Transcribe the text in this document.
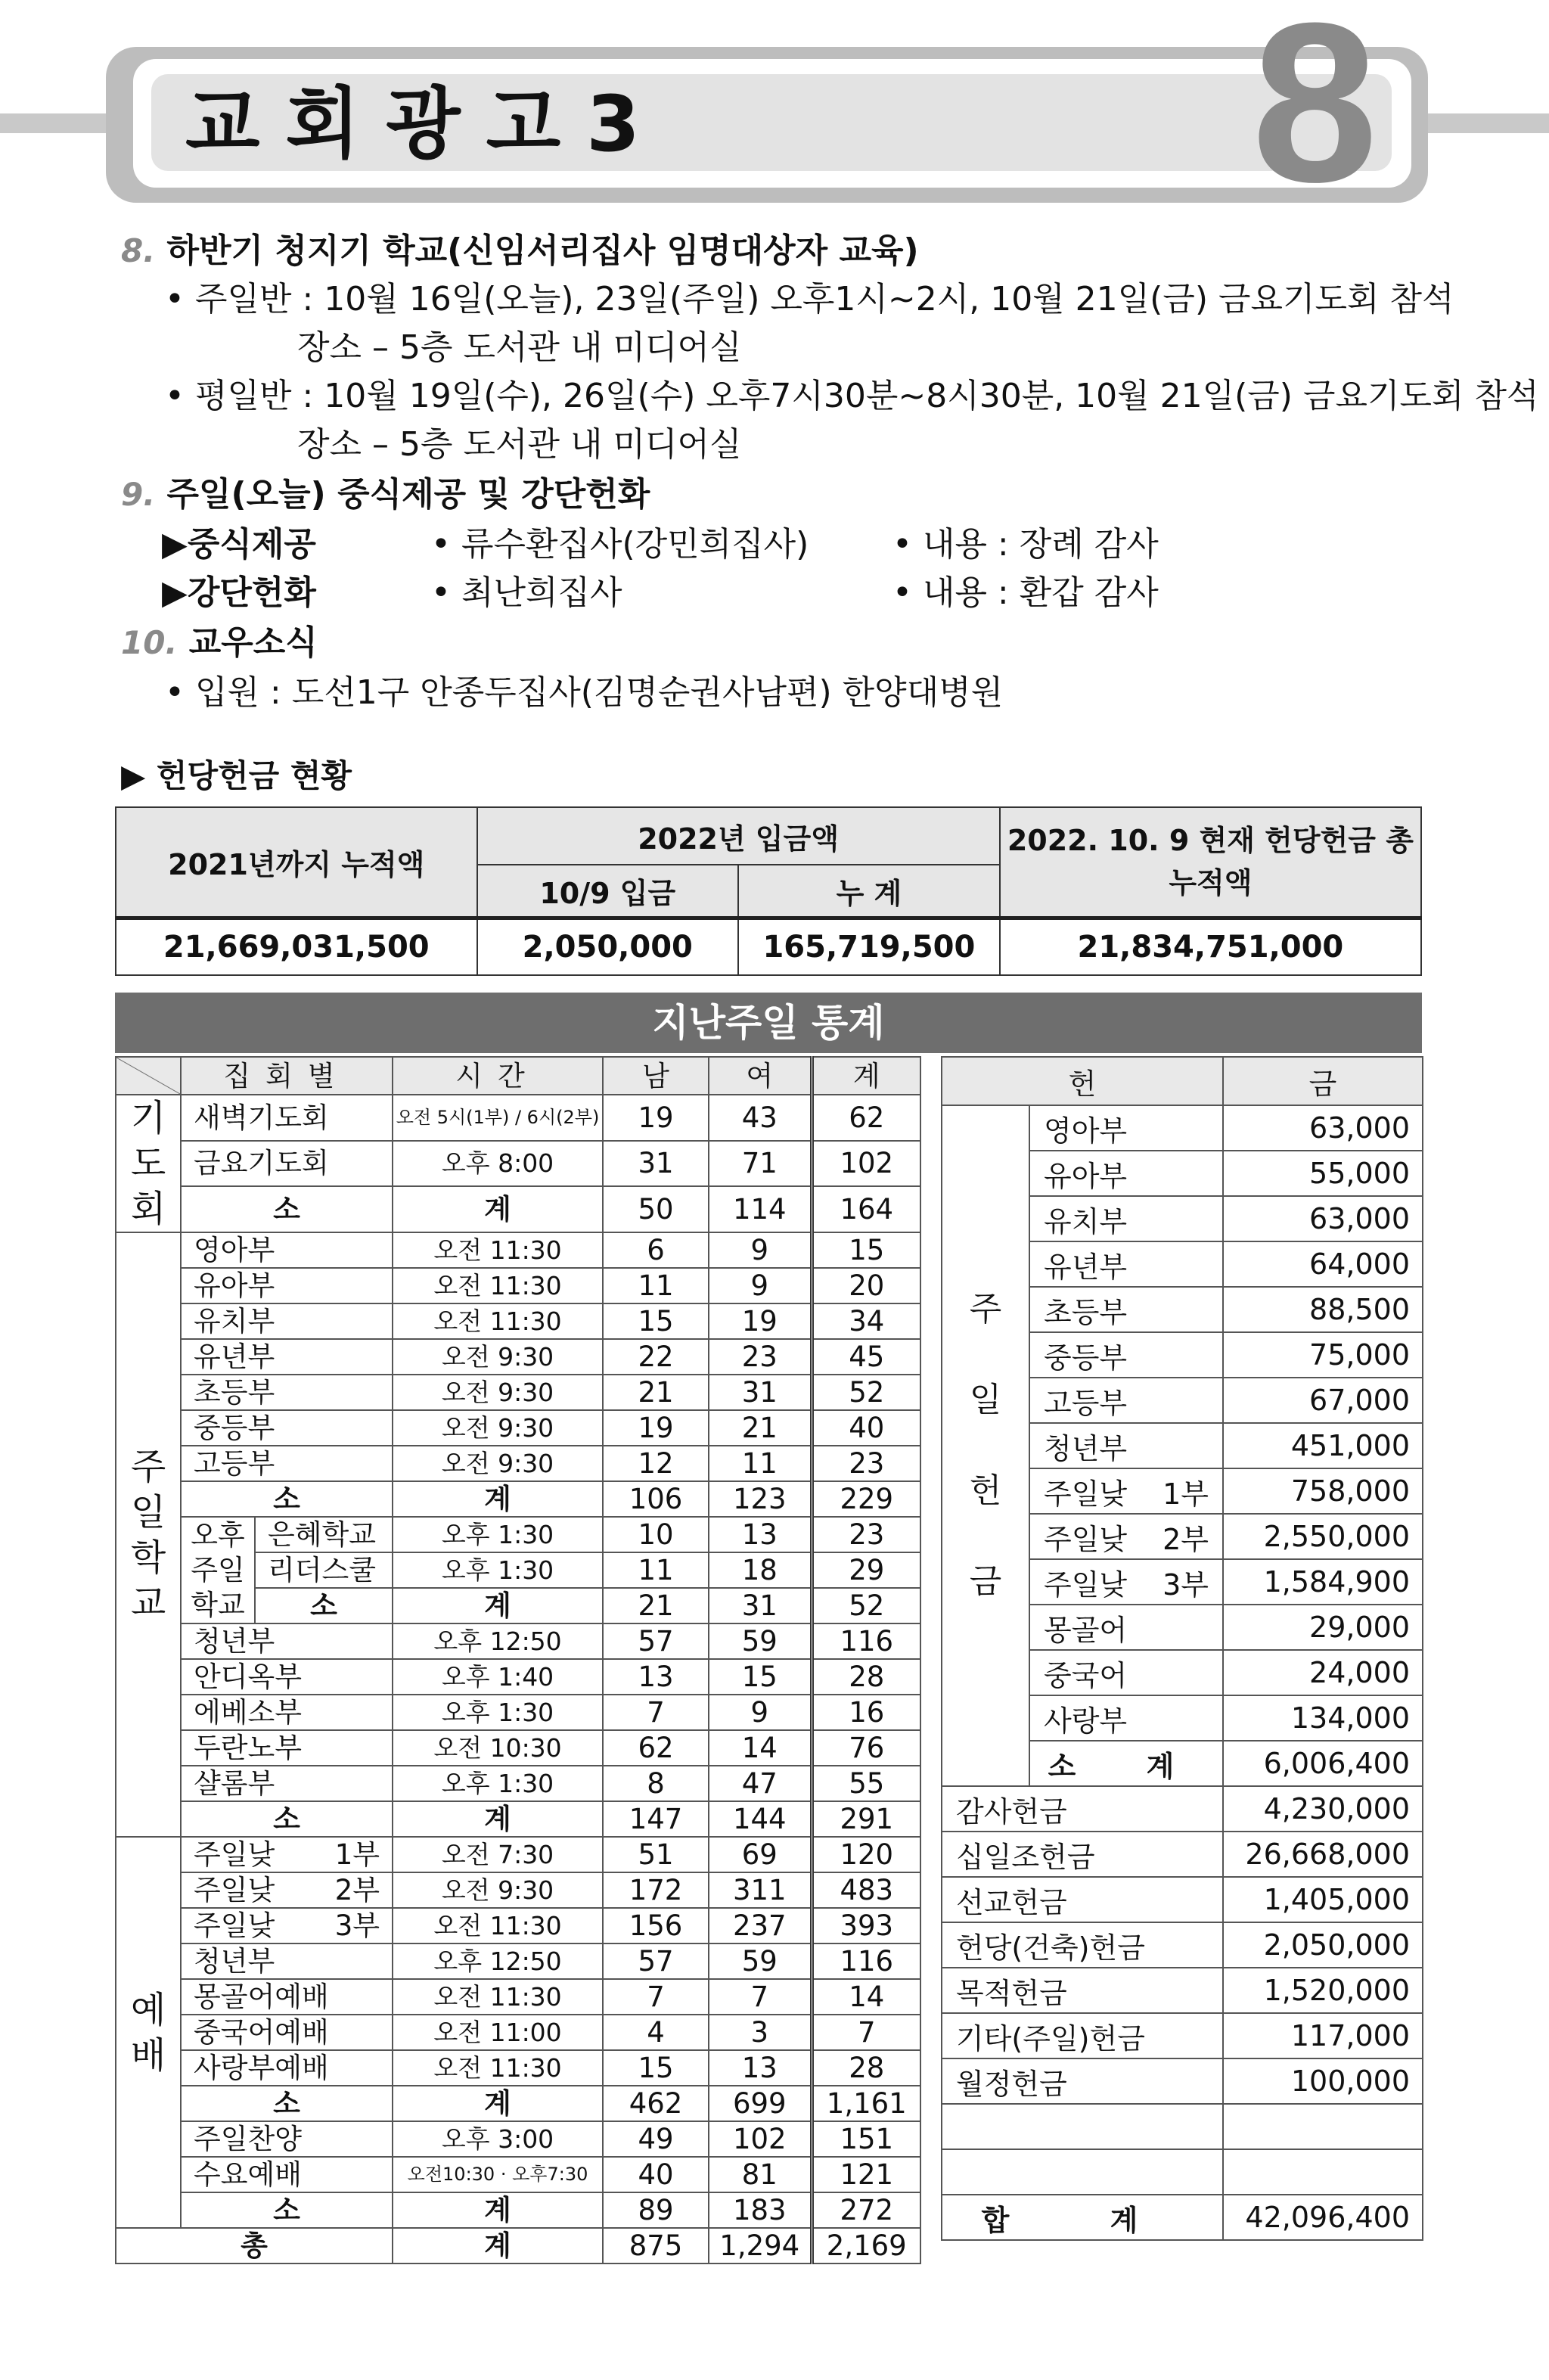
교회광고3	8
8. 하반기 청지기 학교(신임서리집사 임명대상자 교육)
• 주일반 : 10월 16일(오늘), 23일(주일) 오후1시~2시, 10월 21일(금) 금요기도회 참석
장소 – 5층 도서관 내 미디어실
• 평일반 : 10월 19일(수), 26일(수) 오후7시30분~8시30분, 10월 21일(금) 금요기도회 참석
장소 – 5층 도서관 내 미디어실
9. 주일(오늘) 중식제공 및 강단헌화
▶중식제공	• 류수환집사(강민희집사)	• 내용 : 장례 감사
▶강단헌화	• 최난희집사	• 내용 : 환갑 감사
10. 교우소식
• 입원 : 도선1구 안종두집사(김명순권사남편) 한양대병원
▶ 헌당헌금 현황
2021년까지 누적액	2022년 입금액		2022. 10. 9 현재 헌당헌금 총 누적액
	10/9 입금	누 계	
21,669,031,500	2,050,000	165,719,500	21,834,751,000
지난주일 통계
	집회별		시간	남	여	계
기도회	새벽기도회		오전 5시(1부) / 6시(2부)	19	43	62
	금요기도회		오후 8:00	31	71	102
	소		계	50	114	164
주일학교	영아부		오전 11:30	6	9	15
	유아부		오전 11:30	11	9	20
	유치부		오전 11:30	15	19	34
	유년부		오전 9:30	22	23	45
	초등부		오전 9:30	21	31	52
	중등부		오전 9:30	19	21	40
	고등부		오전 9:30	12	11	23
	소		계	106	123	229
	오후주일학교	은혜학교	오후 1:30	10	13	23
		리더스쿨	오후 1:30	11	18	29
		소	계	21	31	52
	청년부		오후 12:50	57	59	116
	안디옥부		오후 1:40	13	15	28
	에베소부		오후 1:30	7	9	16
	두란노부		오전 10:30	62	14	76
	샬롬부		오후 1:30	8	47	55
	소		계	147	144	291
예배	주일낮 1부		오전 7:30	51	69	120
	주일낮 2부		오전 9:30	172	311	483
	주일낮 3부		오전 11:30	156	237	393
	청년부		오후 12:50	57	59	116
	몽골어예배		오전 11:30	7	7	14
	중국어예배		오전 11:00	4	3	7
	사랑부예배		오전 11:30	15	13	28
	소		계	462	699	1,161
	주일찬양		오후 3:00	49	102	151
	수요예배		오전10:30 · 오후7:30	40	81	121
	소		계	89	183	272
총			계	875	1,294	2,169
헌		금
주일헌금	영아부	63,000
	유아부	55,000
	유치부	63,000
	유년부	64,000
	초등부	88,500
	중등부	75,000
	고등부	67,000
	청년부	451,000
	주일낮 1부	758,000
	주일낮 2부	2,550,000
	주일낮 3부	1,584,900
	몽골어	29,000
	중국어	24,000
	사랑부	134,000
	소 계	6,006,400
감사헌금		4,230,000
십일조헌금		26,668,000
선교헌금		1,405,000
헌당(건축)헌금		2,050,000
목적헌금		1,520,000
기타(주일)헌금		117,000
월정헌금		100,000

합 계		42,096,400
